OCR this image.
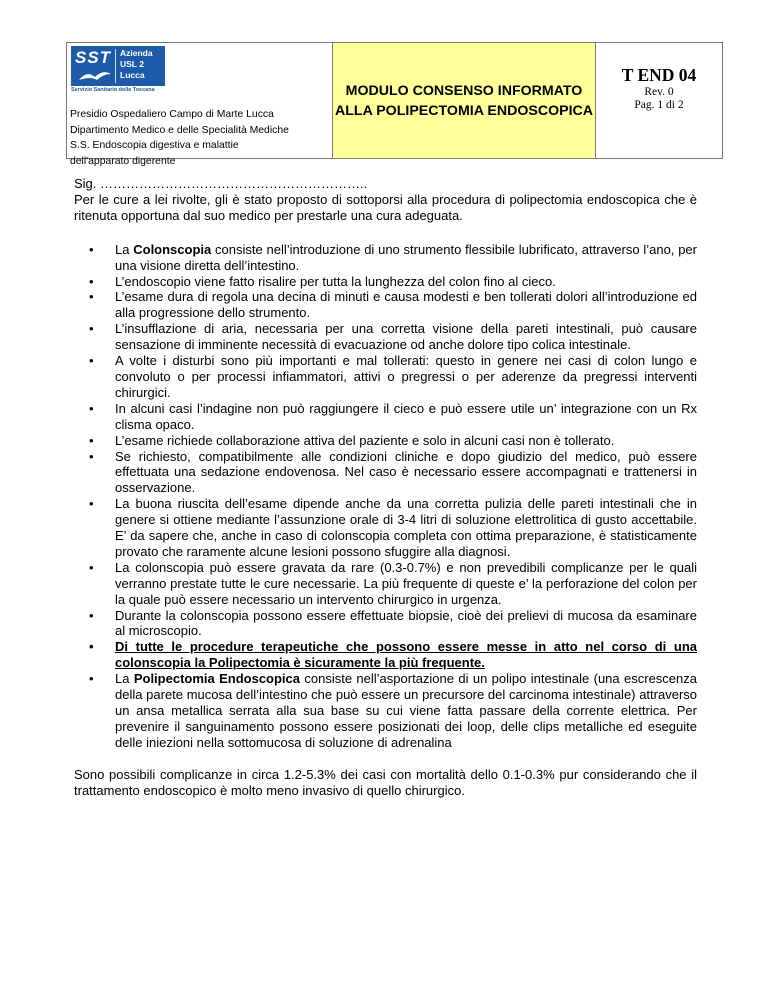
SST Azienda
USL 2
Lucca
Servizio Sanitario della Toscana
Presidio Ospedaliero Campo di Marte Lucca
Dipartimento Medico e delle Specialità Mediche
S.S. Endoscopia digestiva e malattie
dell'apparato digerente
MODULO CONSENSO INFORMATO
ALLA POLIPECTOMIA ENDOSCOPICA
T END 04
Rev. 0
Pag. 1 di 2

Sig. ……………………………………………………..

Per le cure a lei rivolte, gli è stato proposto di sottoporsi alla procedura di polipectomia endoscopica che è ritenuta opportuna dal suo medico per prestarle una cura adeguata.

• La Colonscopia consiste nell’introduzione di uno strumento flessibile lubrificato, attraverso l’ano, per una visione diretta dell’intestino.
• L’endoscopio viene fatto risalire per tutta la lunghezza del colon fino al cieco.
• L’esame dura di regola una decina di minuti e causa modesti e ben tollerati dolori all’introduzione ed alla progressione dello strumento.
• L’insufflazione di aria, necessaria per una corretta visione della pareti intestinali, può causare sensazione di imminente necessità di evacuazione od anche dolore tipo colica intestinale.
• A volte i disturbi sono più importanti e mal tollerati: questo in genere nei casi di colon lungo e convoluto o per processi infiammatori, attivi o pregressi o per aderenze da pregressi interventi chirurgici.
• In alcuni casi l’indagine non può raggiungere il cieco e può essere utile un’ integrazione con un Rx clisma opaco.
• L’esame richiede collaborazione attiva del paziente e solo in alcuni casi non è tollerato.
• Se richiesto, compatibilmente alle condizioni cliniche e dopo giudizio del medico, può essere effettuata una sedazione endovenosa. Nel caso è necessario essere accompagnati e trattenersi in osservazione.
• La buona riuscita dell’esame dipende anche da una corretta pulizia delle pareti intestinali che in genere si ottiene mediante l’assunzione orale di 3-4 litri di soluzione elettrolitica di gusto accettabile. E’ da sapere che, anche in caso di colonscopia completa con ottima preparazione, è statisticamente provato che raramente alcune lesioni possono sfuggire alla diagnosi.
• La colonscopia può essere gravata da rare (0.3-0.7%) e non prevedibili complicanze per le quali verranno prestate tutte le cure necessarie. La più frequente di queste e’ la perforazione del colon per la quale può essere necessario un intervento chirurgico in urgenza.
• Durante la colonscopia possono essere effettuate biopsie, cioè dei prelievi di mucosa da esaminare al microscopio.
• Di tutte le procedure terapeutiche che possono essere messe in atto nel corso di una colonscopia la Polipectomia è sicuramente la più frequente.
• La Polipectomia Endoscopica consiste nell’asportazione di un polipo intestinale (una escrescenza della parete mucosa dell’intestino che può essere un precursore del carcinoma intestinale) attraverso un ansa metallica serrata alla sua base su cui viene fatta passare della corrente elettrica. Per prevenire il sanguinamento possono essere posizionati dei loop, delle clips metalliche ed eseguite delle iniezioni nella sottomucosa di soluzione di adrenalina

Sono possibili complicanze in circa 1.2-5.3% dei casi con mortalità dello 0.1-0.3% pur considerando che il trattamento endoscopico è molto meno invasivo di quello chirurgico.
